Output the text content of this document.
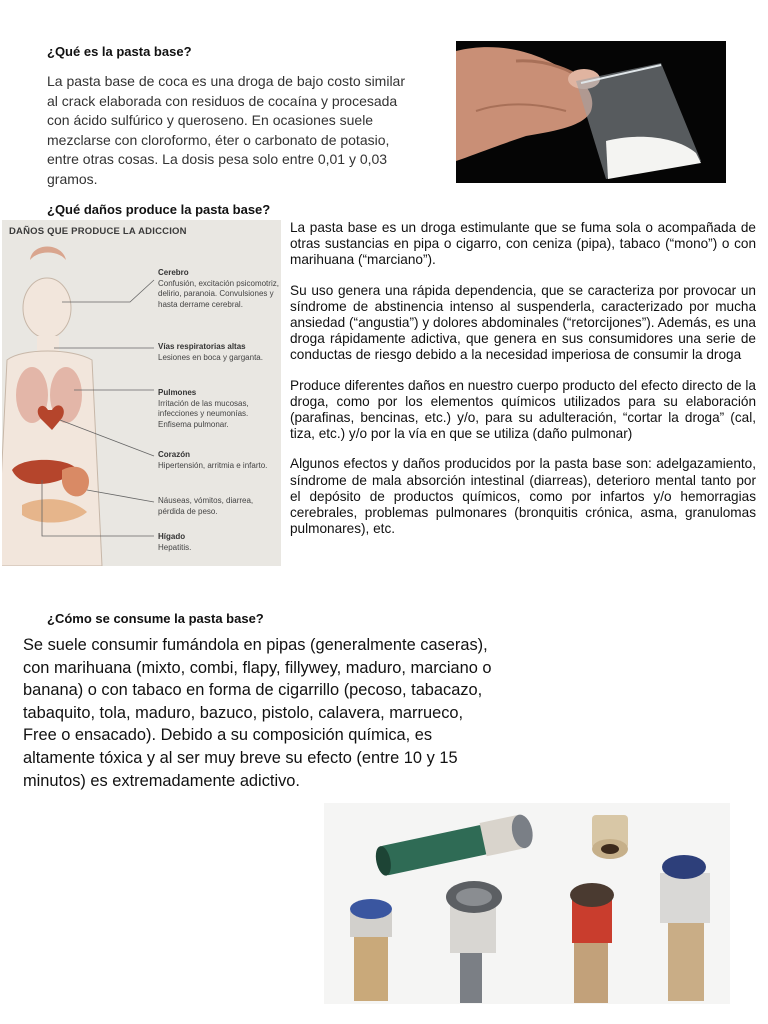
¿Qué es la pasta base?

La pasta base de coca es una droga de bajo costo similar al crack elaborada con residuos de cocaína y procesada con ácido sulfúrico y queroseno. En ocasiones suele mezclarse con cloroformo, éter o carbonato de potasio, entre otras cosas. La dosis pesa solo entre 0,01 y 0,03 gramos.

¿Qué daños produce la pasta base?
DAÑOS QUE PRODUCE LA ADICCION
Cerebro
Confusión, excitación psicomotriz, delirio, paranoia. Convulsiones y hasta derrame cerebral.
Vías respiratorias altas
Lesiones en boca y garganta.
Pulmones
Irritación de las mucosas, infecciones y neumonías. Enfisema pulmonar.
Corazón
Hipertensión, arritmia e infarto.
Náuseas, vómitos, diarrea, pérdida de peso.
Hígado
Hepatitis.

La pasta base es un droga estimulante que se fuma sola o acompañada de otras sustancias en pipa o cigarro, con ceniza (pipa), tabaco (“mono”) o con marihuana (“marciano”).

Su uso genera una rápida dependencia, que se caracteriza por provocar un síndrome de abstinencia intenso al suspenderla, caracterizado por mucha ansiedad (“angustia”) y dolores abdominales (“retorcijones”). Además, es una droga rápidamente adictiva, que genera en sus consumidores una serie de conductas de riesgo debido a la necesidad imperiosa de consumir la droga

Produce diferentes daños en nuestro cuerpo producto del efecto directo de la droga, como por los elementos químicos utilizados para su elaboración (parafinas, bencinas, etc.) y/o, para su adulteración, “cortar la droga” (cal, tiza, etc.) y/o por la vía en que se utiliza (daño pulmonar)

Algunos efectos y daños producidos por la pasta base son: adelgazamiento, síndrome de mala absorción intestinal (diarreas), deterioro mental tanto por el depósito de productos químicos, como por infartos y/o hemorragias cerebrales, problemas pulmonares (bronquitis crónica, asma, granulomas pulmonares), etc.

¿Cómo se consume la pasta base?

Se suele consumir fumándola en pipas (generalmente caseras), con marihuana (mixto, combi, flapy, fillywey, maduro, marciano o banana) o con tabaco en forma de cigarrillo (pecoso, tabacazo, tabaquito, tola, maduro, bazuco, pistolo, calavera, marrueco, Free o ensacado). Debido a su composición química, es altamente tóxica y al ser muy breve su efecto (entre 10 y 15 minutos) es extremadamente adictivo.
